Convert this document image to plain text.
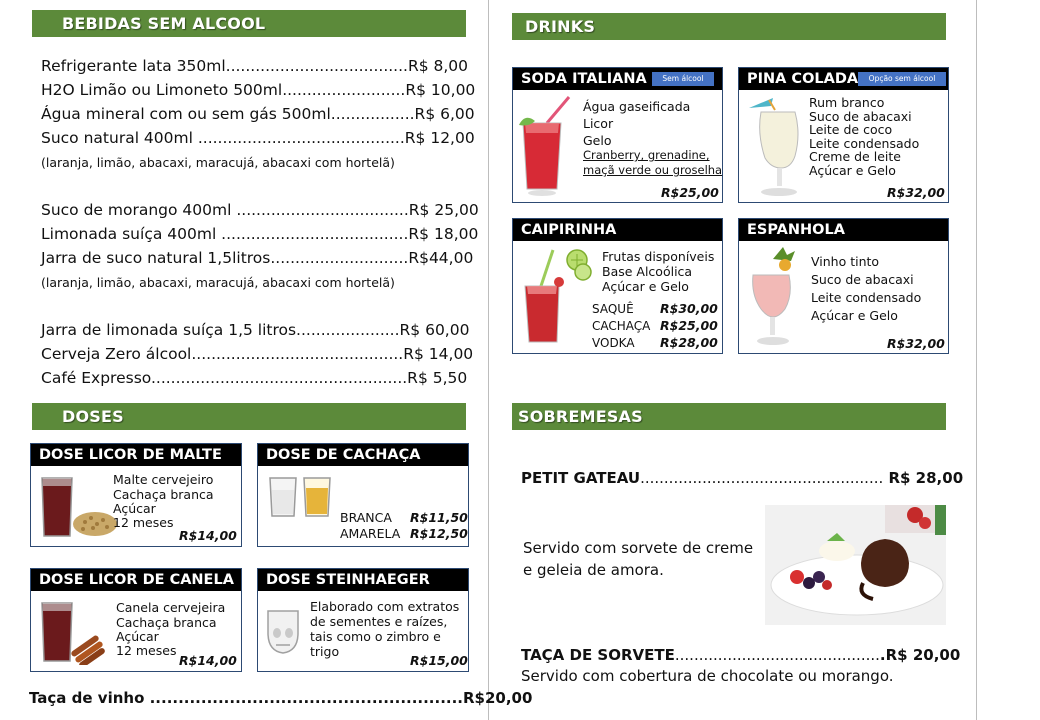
BEBIDAS SEM ALCOOL
Refrigerante lata 350ml.....................................R$ 8,00
H2O Limão ou Limoneto 500ml.........................R$ 10,00
Água mineral com ou sem gás 500ml.................R$ 6,00
Suco natural 400ml ..........................................R$ 12,00
(laranja, limão, abacaxi, maracujá, abacaxi com hortelã)
Suco de morango 400ml ...................................R$ 25,00
Limonada suíça 400ml ......................................R$ 18,00
Jarra de suco natural 1,5litros............................R$44,00
(laranja, limão, abacaxi, maracujá, abacaxi com hortelã)
Jarra de limonada suíça 1,5 litros.....................R$ 60,00
Cerveja Zero álcool...........................................R$ 14,00
Café Expresso....................................................R$ 5,50
DOSES
DOSE LICOR DE MALTE
Malte cervejeiro
Cachaça branca
Açúcar
12 meses
R$14,00
DOSE DE CACHAÇA
BRANCA
AMARELA
R$11,50
R$12,50
DOSE LICOR DE CANELA
Canela cervejeira
Cachaça branca
Açúcar
12 meses
R$14,00
DOSE STEINHAEGER
Elaborado com extratos
de sementes e raízes,
tais como o zimbro e
trigo
R$15,00
Taça de vinho .......................................................R$20,00
DRINKS
SODA ITALIANA	Sem álcool
Água gaseificada
Licor
Gelo
Cranberry, grenadine,
maçã verde ou groselha
R$25,00
PINA COLADA	Opção sem álcool
Rum branco
Suco de abacaxi
Leite de coco
Leite condensado
Creme de leite
Açúcar e Gelo
R$32,00
CAIPIRINHA
Frutas disponíveis
Base Alcoólica
Açúcar e Gelo
SAQUÊ
CACHAÇA
VODKA
R$30,00
R$25,00
R$28,00
ESPANHOLA
Vinho tinto
Suco de abacaxi
Leite condensado
Açúcar e Gelo
R$32,00
SOBREMESAS
PETIT GATEAU................................................... R$ 28,00
Servido com sorvete de creme
e geleia de amora.
TAÇA DE SORVETE............................................R$ 20,00
Servido com cobertura de chocolate ou morango.
